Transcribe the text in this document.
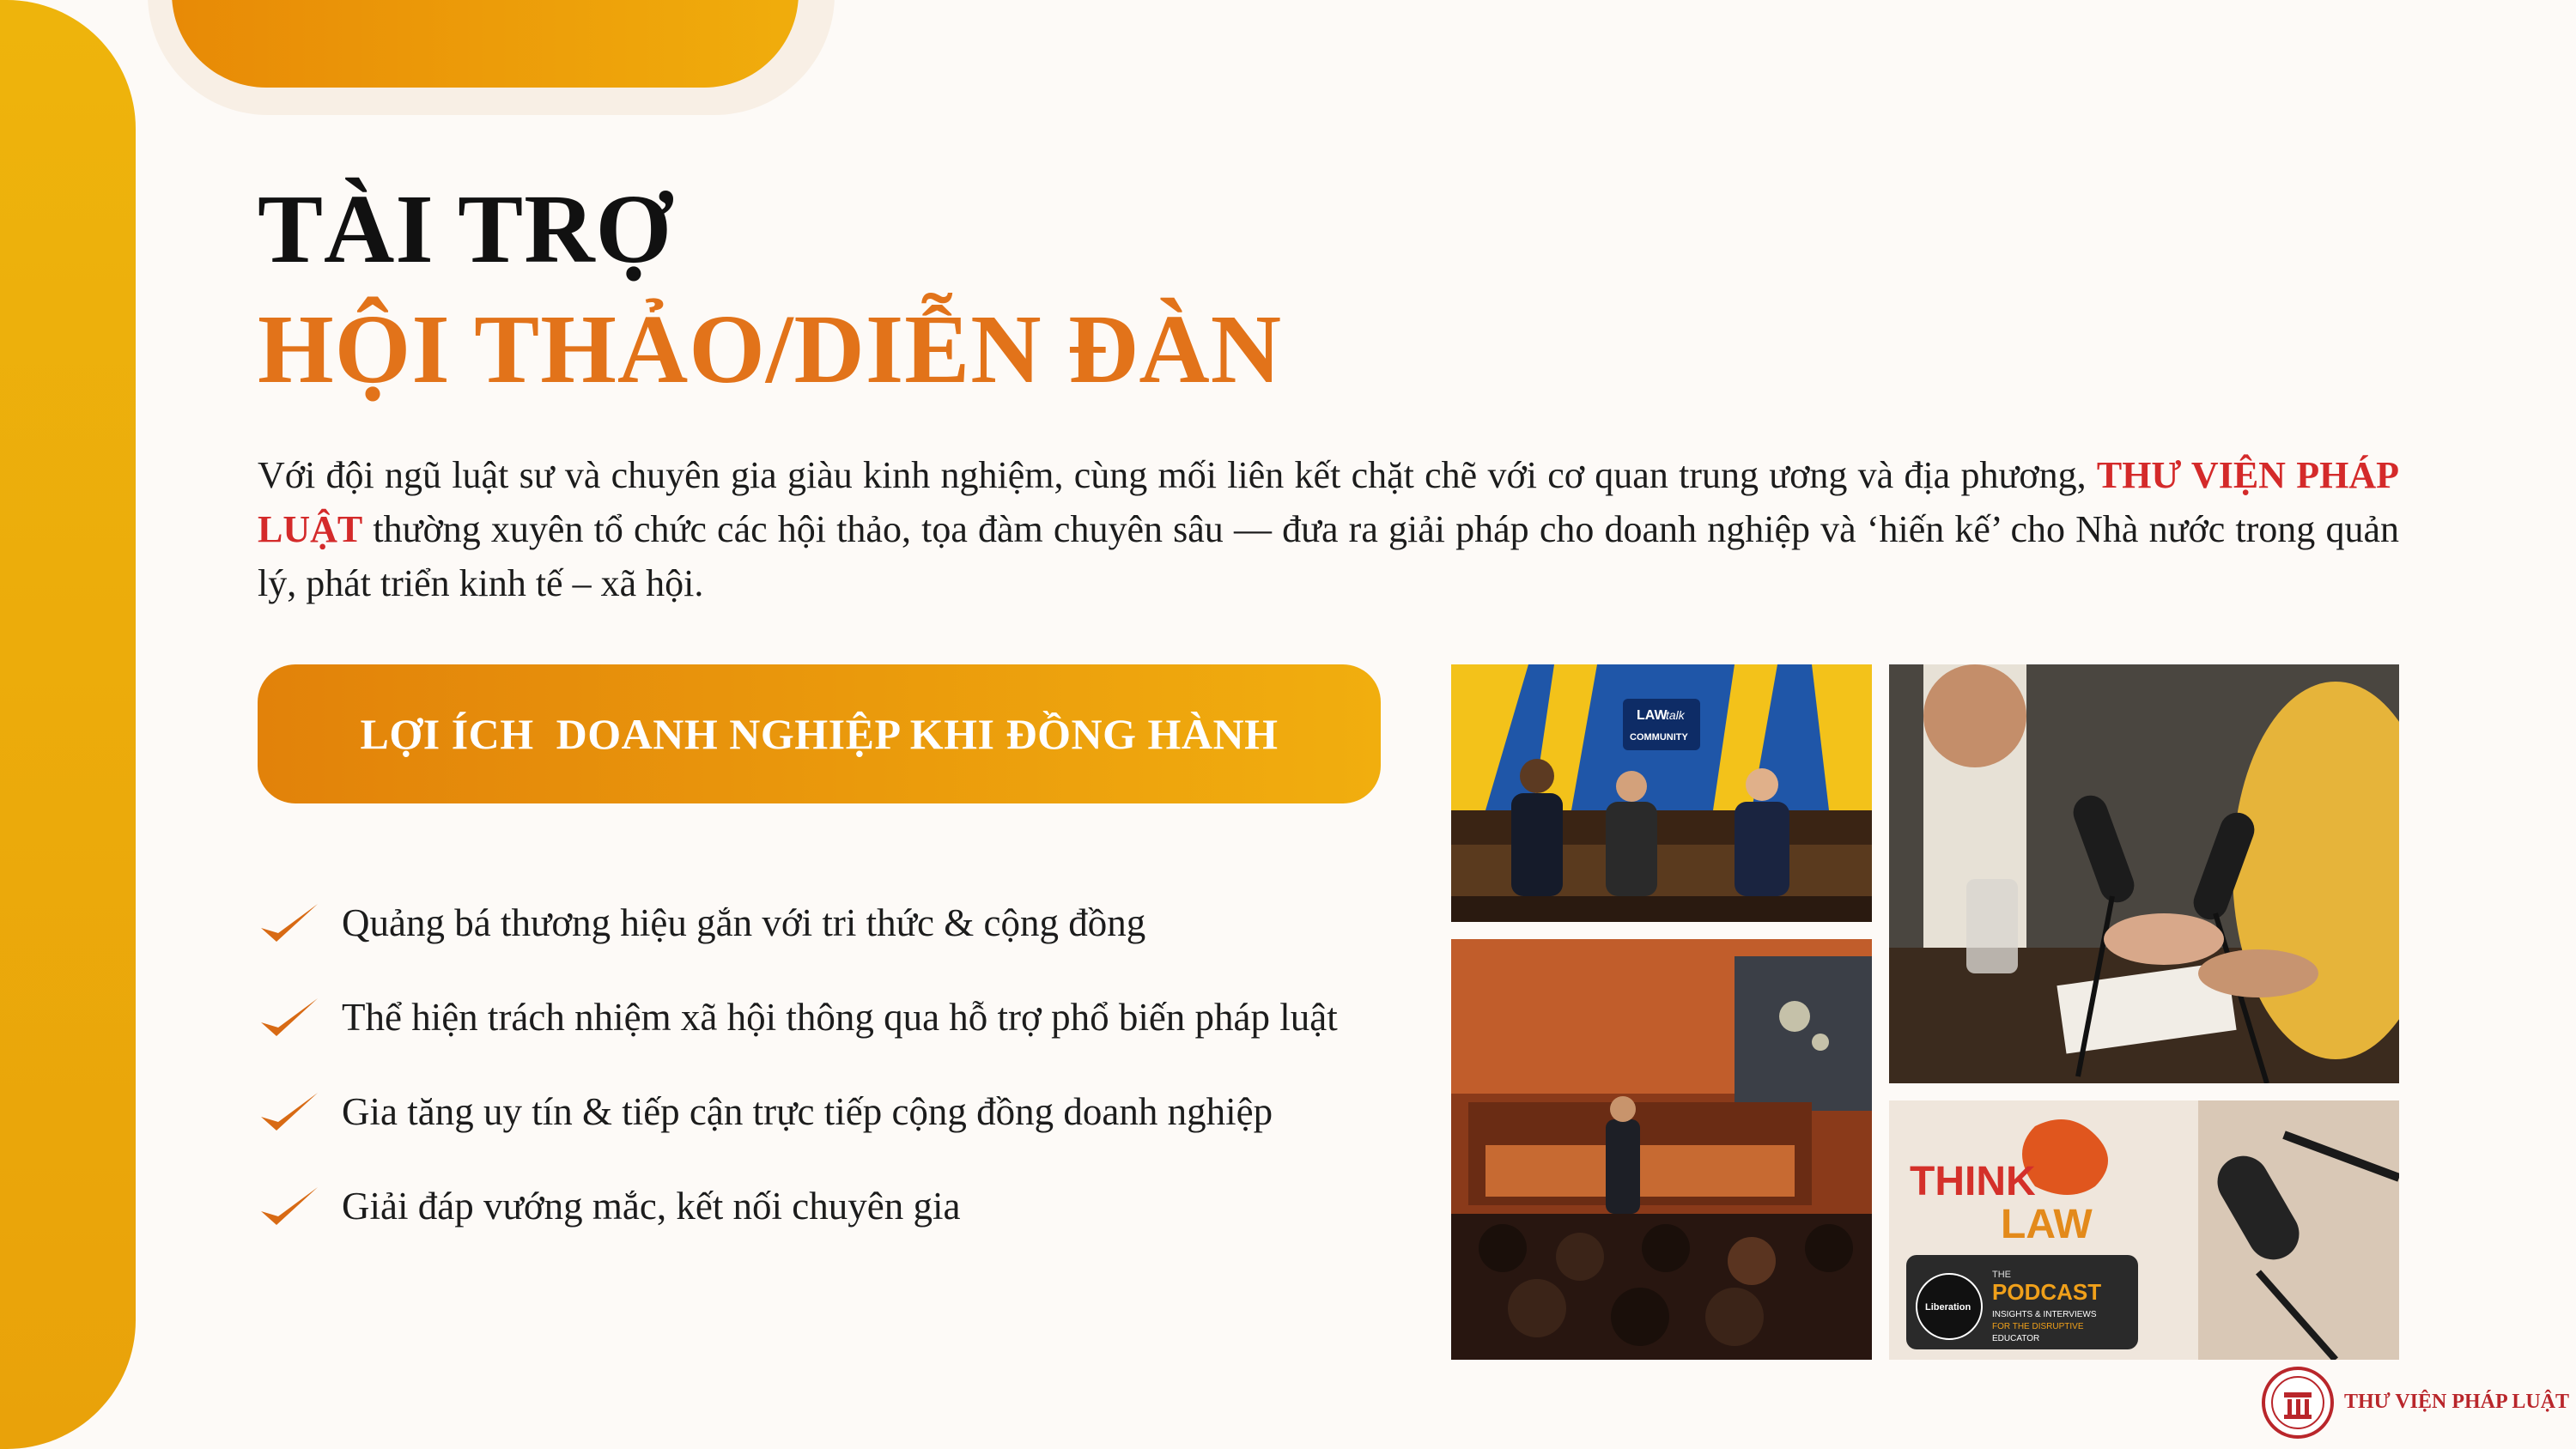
TÀI TRỢ
HỘI THẢO/DIỄN ĐÀN

Với đội ngũ luật sư và chuyên gia giàu kinh nghiệm, cùng mối liên kết chặt chẽ với cơ quan trung ương và địa phương, THƯ VIỆN PHÁP LUẬT thường xuyên tổ chức các hội thảo, tọa đàm chuyên sâu — đưa ra giải pháp cho doanh nghiệp và ‘hiến kế’ cho Nhà nước trong quản lý, phát triển kinh tế – xã hội.

LỢI ÍCH  DOANH NGHIỆP KHI ĐỒNG HÀNH
Quảng bá thương hiệu gắn với tri thức & cộng đồng
Thể hiện trách nhiệm xã hội thông qua hỗ trợ phổ biến pháp luật
Gia tăng uy tín & tiếp cận trực tiếp cộng đồng doanh nghiệp
Giải đáp vướng mắc, kết nối chuyên gia
LAW
talk
COMMUNITY
THINK
LAW
Liberation
THE
PODCAST
INSIGHTS & INTERVIEWS
FOR THE DISRUPTIVE
EDUCATOR
THƯ VIỆN PHÁP LUẬT
